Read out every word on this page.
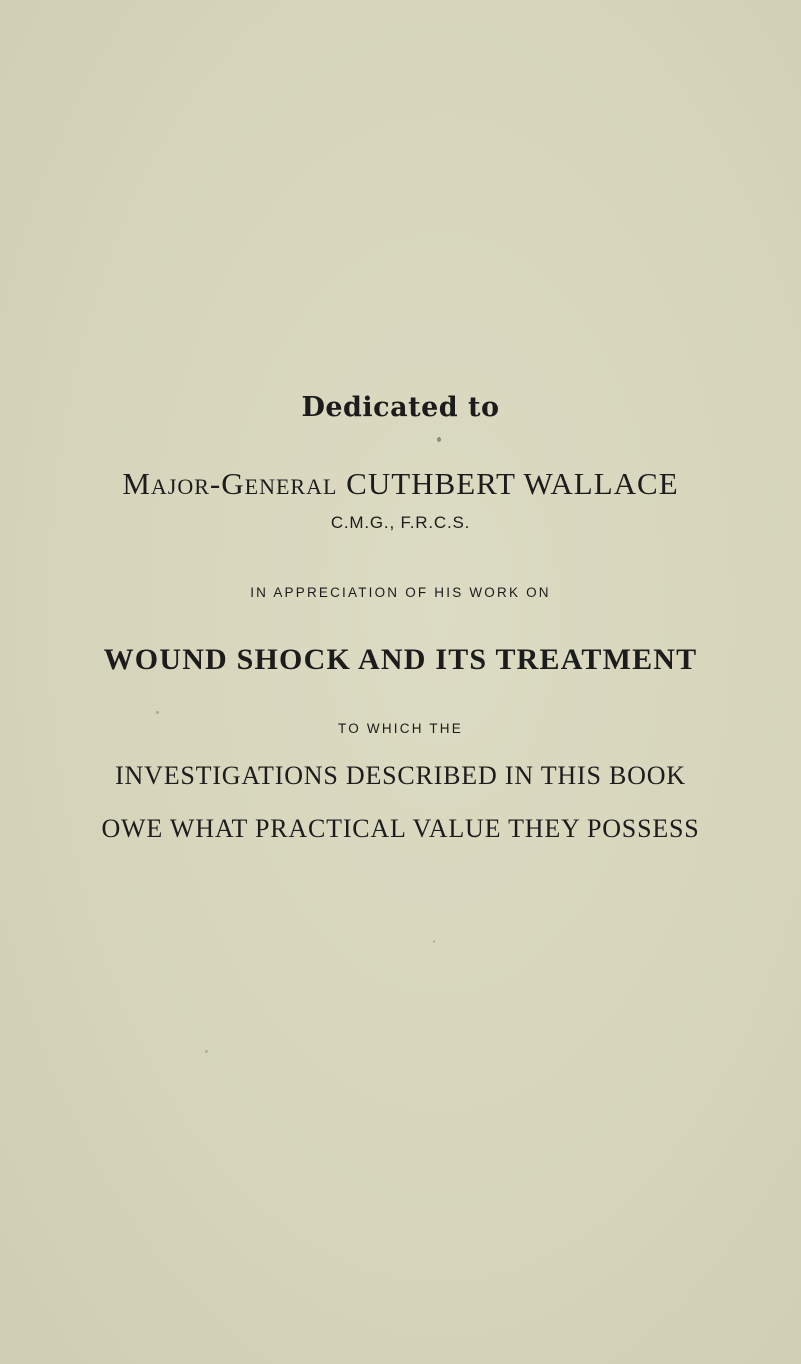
Dedicated to
Major-General CUTHBERT WALLACE
C.M.G., F.R.C.S.
IN APPRECIATION OF HIS WORK ON
WOUND SHOCK AND ITS TREATMENT
TO WHICH THE
INVESTIGATIONS DESCRIBED IN THIS BOOK
OWE WHAT PRACTICAL VALUE THEY POSSESS
